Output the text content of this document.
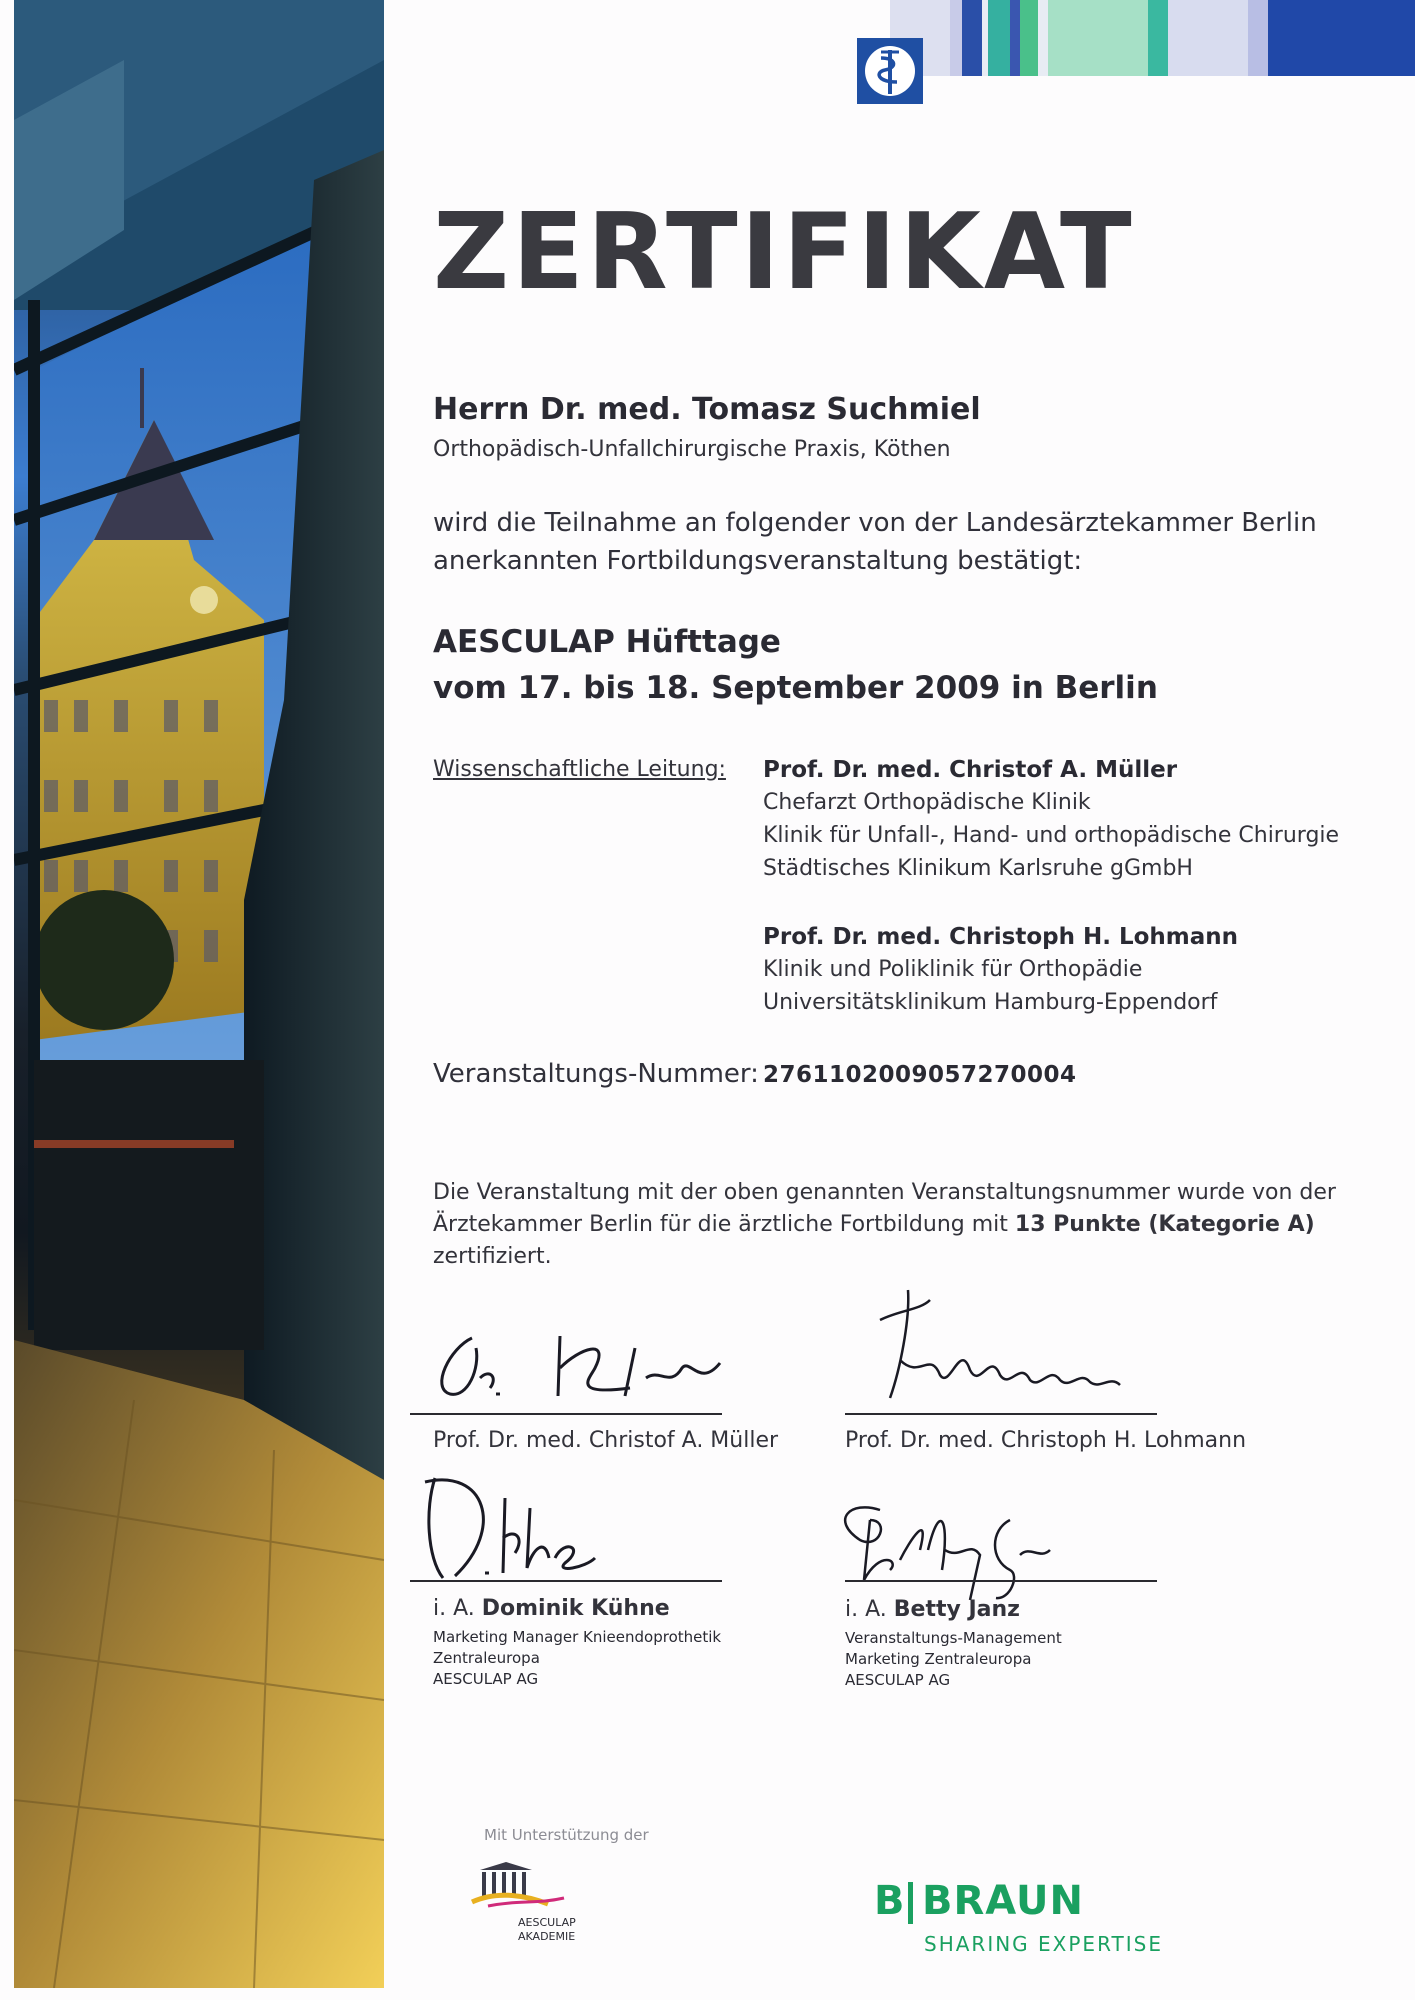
ZERTIFIKAT
Herrn Dr. med. Tomasz Suchmiel
Orthopädisch-Unfallchirurgische Praxis, Köthen
wird die Teilnahme an folgender von der Landesärztekammer Berlin
anerkannten Fortbildungsveranstaltung bestätigt:
AESCULAP Hüfttage
vom 17. bis 18. September 2009 in Berlin
Wissenschaftliche Leitung: Prof. Dr. med. Christof A. Müller
Chefarzt Orthopädische Klinik
Klinik für Unfall-, Hand- und orthopädische Chirurgie
Städtisches Klinikum Karlsruhe gGmbH
Prof. Dr. med. Christoph H. Lohmann
Klinik und Poliklinik für Orthopädie
Universitätsklinikum Hamburg-Eppendorf
Veranstaltungs-Nummer: 2761102009057270004
Die Veranstaltung mit der oben genannten Veranstaltungsnummer wurde von der
Ärztekammer Berlin für die ärztliche Fortbildung mit 13 Punkte (Kategorie A)
zertifiziert.
Prof. Dr. med. Christof A. Müller	Prof. Dr. med. Christoph H. Lohmann
i. A. Dominik Kühne
Marketing Manager Knieendoprothetik
Zentraleuropa
AESCULAP AG
i. A. Betty Janz
Veranstaltungs-Management
Marketing Zentraleuropa
AESCULAP AG
Mit Unterstützung der
AESCULAP
AKADEMIE
B BRAUN
SHARING EXPERTISE
